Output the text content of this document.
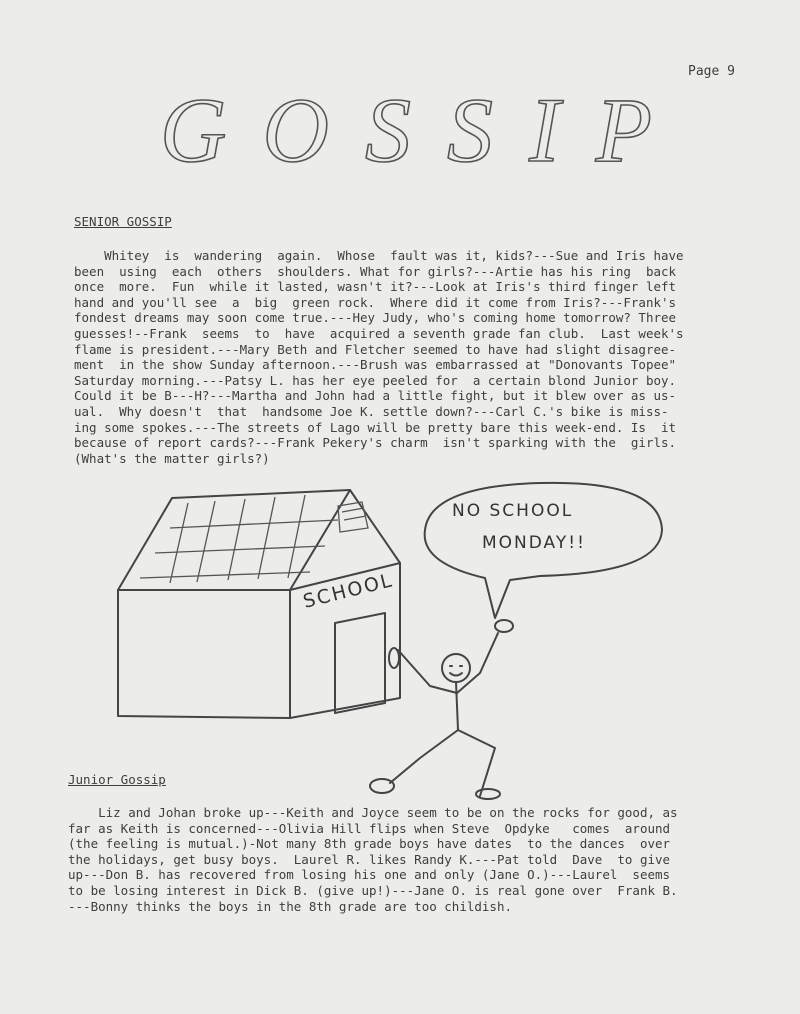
Page 9
GOSSIP
SENIOR GOSSIP
Whitey  is  wandering  again.  Whose  fault was it, kids?---Sue and Iris have
been  using  each  others  shoulders. What for girls?---Artie has his ring  back
once  more.  Fun  while it lasted, wasn't it?---Look at Iris's third finger left
hand and you'll see  a  big  green rock.  Where did it come from Iris?---Frank's
fondest dreams may soon come true.---Hey Judy, who's coming home tomorrow? Three
guesses!--Frank  seems  to  have  acquired a seventh grade fan club.  Last week's
flame is president.---Mary Beth and Fletcher seemed to have had slight disagree-
ment  in the show Sunday afternoon.---Brush was embarrassed at "Donovants Topee"
Saturday morning.---Patsy L. has her eye peeled for  a certain blond Junior boy.
Could it be B---H?---Martha and John had a little fight, but it blew over as us-
ual.  Why doesn't  that  handsome Joe K. settle down?---Carl C.'s bike is miss-
ing some spokes.---The streets of Lago will be pretty bare this week-end. Is  it
because of report cards?---Frank Pekery's charm  isn't sparking with the  girls.
(What's the matter girls?)
SCHOOL
NO SCHOOL
MONDAY!!
Junior Gossip
Liz and Johan broke up---Keith and Joyce seem to be on the rocks for good, as
far as Keith is concerned---Olivia Hill flips when Steve  Opdyke   comes  around
(the feeling is mutual.)-Not many 8th grade boys have dates  to the dances  over
the holidays, get busy boys.  Laurel R. likes Randy K.---Pat told  Dave  to give
up---Don B. has recovered from losing his one and only (Jane O.)---Laurel  seems
to be losing interest in Dick B. (give up!)---Jane O. is real gone over  Frank B.
---Bonny thinks the boys in the 8th grade are too childish.
